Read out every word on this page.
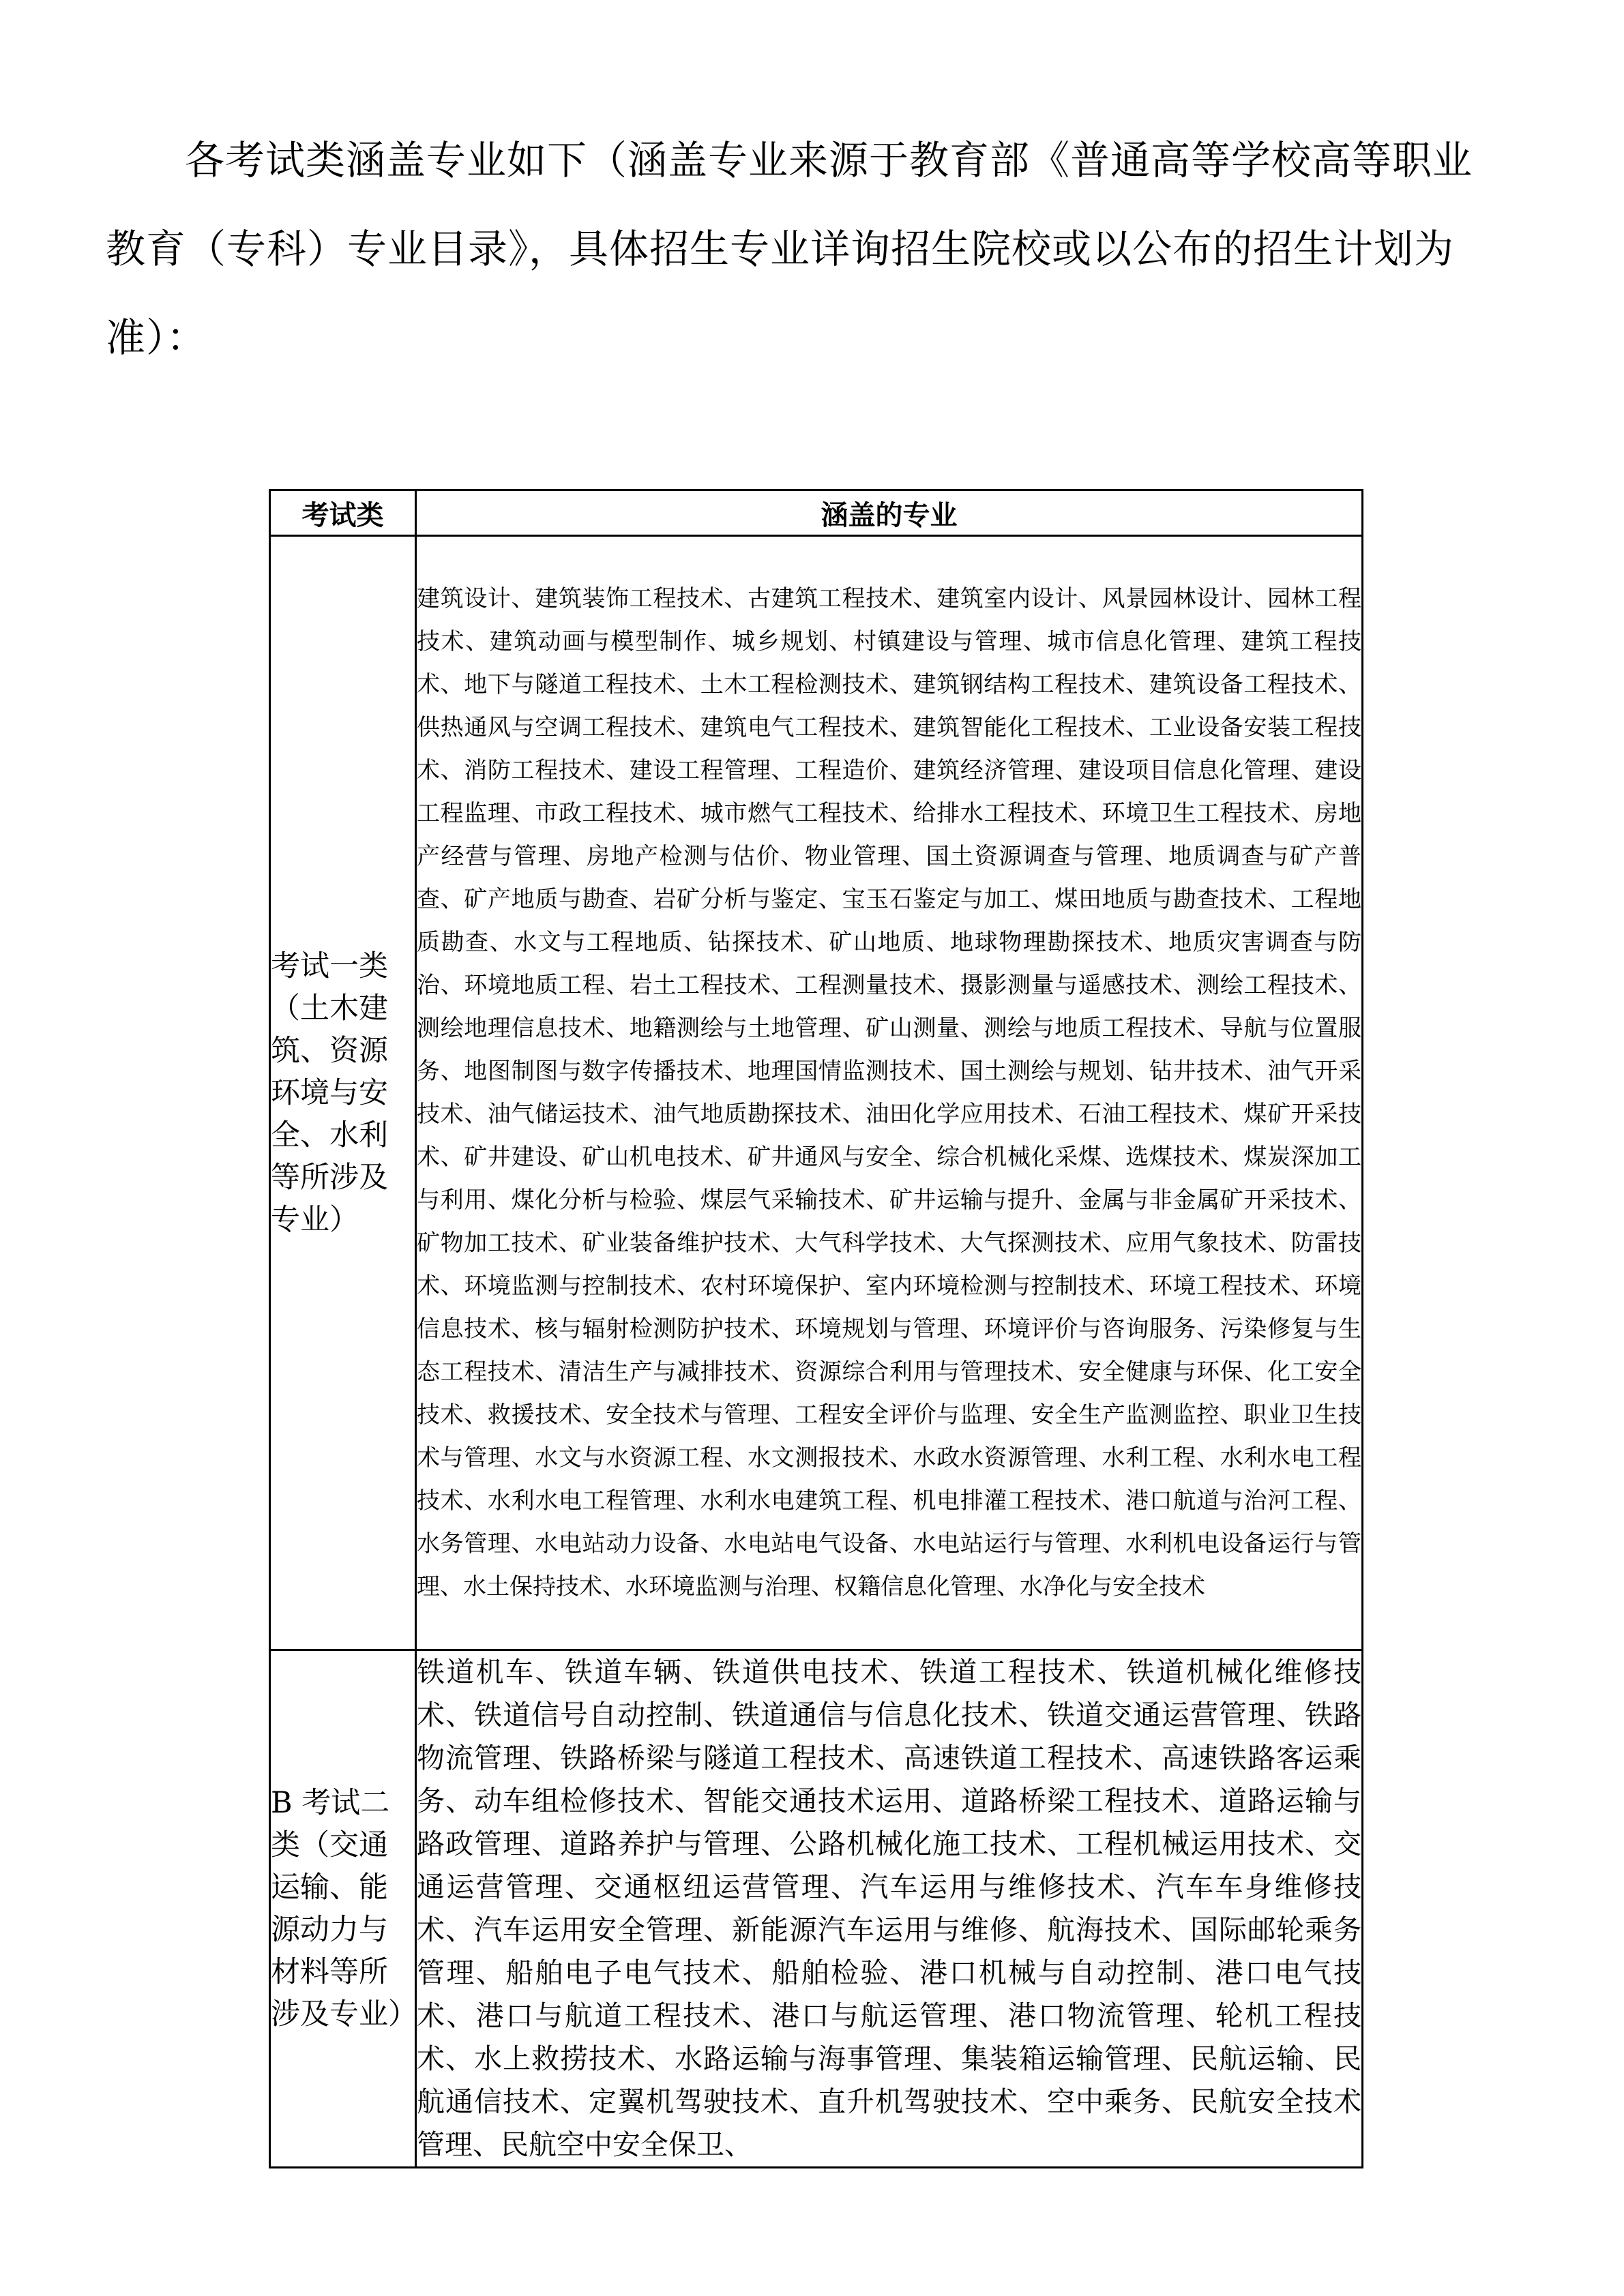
各考试类涵盖专业如下（涵盖专业来源于教育部《普通高等学校高等职业教育（专科）专业目录》，具体招生专业详询招生院校或以公布的招生计划为准）：

考试类	涵盖的专业
考试一类（土木建筑、资源环境与安全、水利等所涉及专业）	建筑设计、建筑装饰工程技术、古建筑工程技术、建筑室内设计、风景园林设计、园林工程技术、建筑动画与模型制作、城乡规划、村镇建设与管理、城市信息化管理、建筑工程技术、地下与隧道工程技术、土木工程检测技术、建筑钢结构工程技术、建筑设备工程技术、供热通风与空调工程技术、建筑电气工程技术、建筑智能化工程技术、工业设备安装工程技术、消防工程技术、建设工程管理、工程造价、建筑经济管理、建设项目信息化管理、建设工程监理、市政工程技术、城市燃气工程技术、给排水工程技术、环境卫生工程技术、房地产经营与管理、房地产检测与估价、物业管理、国土资源调查与管理、地质调查与矿产普查、矿产地质与勘查、岩矿分析与鉴定、宝玉石鉴定与加工、煤田地质与勘查技术、工程地质勘查、水文与工程地质、钻探技术、矿山地质、地球物理勘探技术、地质灾害调查与防治、环境地质工程、岩土工程技术、工程测量技术、摄影测量与遥感技术、测绘工程技术、测绘地理信息技术、地籍测绘与土地管理、矿山测量、测绘与地质工程技术、导航与位置服务、地图制图与数字传播技术、地理国情监测技术、国土测绘与规划、钻井技术、油气开采技术、油气储运技术、油气地质勘探技术、油田化学应用技术、石油工程技术、煤矿开采技术、矿井建设、矿山机电技术、矿井通风与安全、综合机械化采煤、选煤技术、煤炭深加工与利用、煤化分析与检验、煤层气采输技术、矿井运输与提升、金属与非金属矿开采技术、矿物加工技术、矿业装备维护技术、大气科学技术、大气探测技术、应用气象技术、防雷技术、环境监测与控制技术、农村环境保护、室内环境检测与控制技术、环境工程技术、环境信息技术、核与辐射检测防护技术、环境规划与管理、环境评价与咨询服务、污染修复与生态工程技术、清洁生产与减排技术、资源综合利用与管理技术、安全健康与环保、化工安全技术、救援技术、安全技术与管理、工程安全评价与监理、安全生产监测监控、职业卫生技术与管理、水文与水资源工程、水文测报技术、水政水资源管理、水利工程、水利水电工程技术、水利水电工程管理、水利水电建筑工程、机电排灌工程技术、港口航道与治河工程、水务管理、水电站动力设备、水电站电气设备、水电站运行与管理、水利机电设备运行与管理、水土保持技术、水环境监测与治理、权籍信息化管理、水净化与安全技术
B 考试二类（交通运输、能源动力与材料等所涉及专业）	铁道机车、铁道车辆、铁道供电技术、铁道工程技术、铁道机械化维修技术、铁道信号自动控制、铁道通信与信息化技术、铁道交通运营管理、铁路物流管理、铁路桥梁与隧道工程技术、高速铁道工程技术、高速铁路客运乘务、动车组检修技术、智能交通技术运用、道路桥梁工程技术、道路运输与路政管理、道路养护与管理、公路机械化施工技术、工程机械运用技术、交通运营管理、交通枢纽运营管理、汽车运用与维修技术、汽车车身维修技术、汽车运用安全管理、新能源汽车运用与维修、航海技术、国际邮轮乘务管理、船舶电子电气技术、船舶检验、港口机械与自动控制、港口电气技术、港口与航道工程技术、港口与航运管理、港口物流管理、轮机工程技术、水上救捞技术、水路运输与海事管理、集装箱运输管理、民航运输、民航通信技术、定翼机驾驶技术、直升机驾驶技术、空中乘务、民航安全技术管理、民航空中安全保卫、
